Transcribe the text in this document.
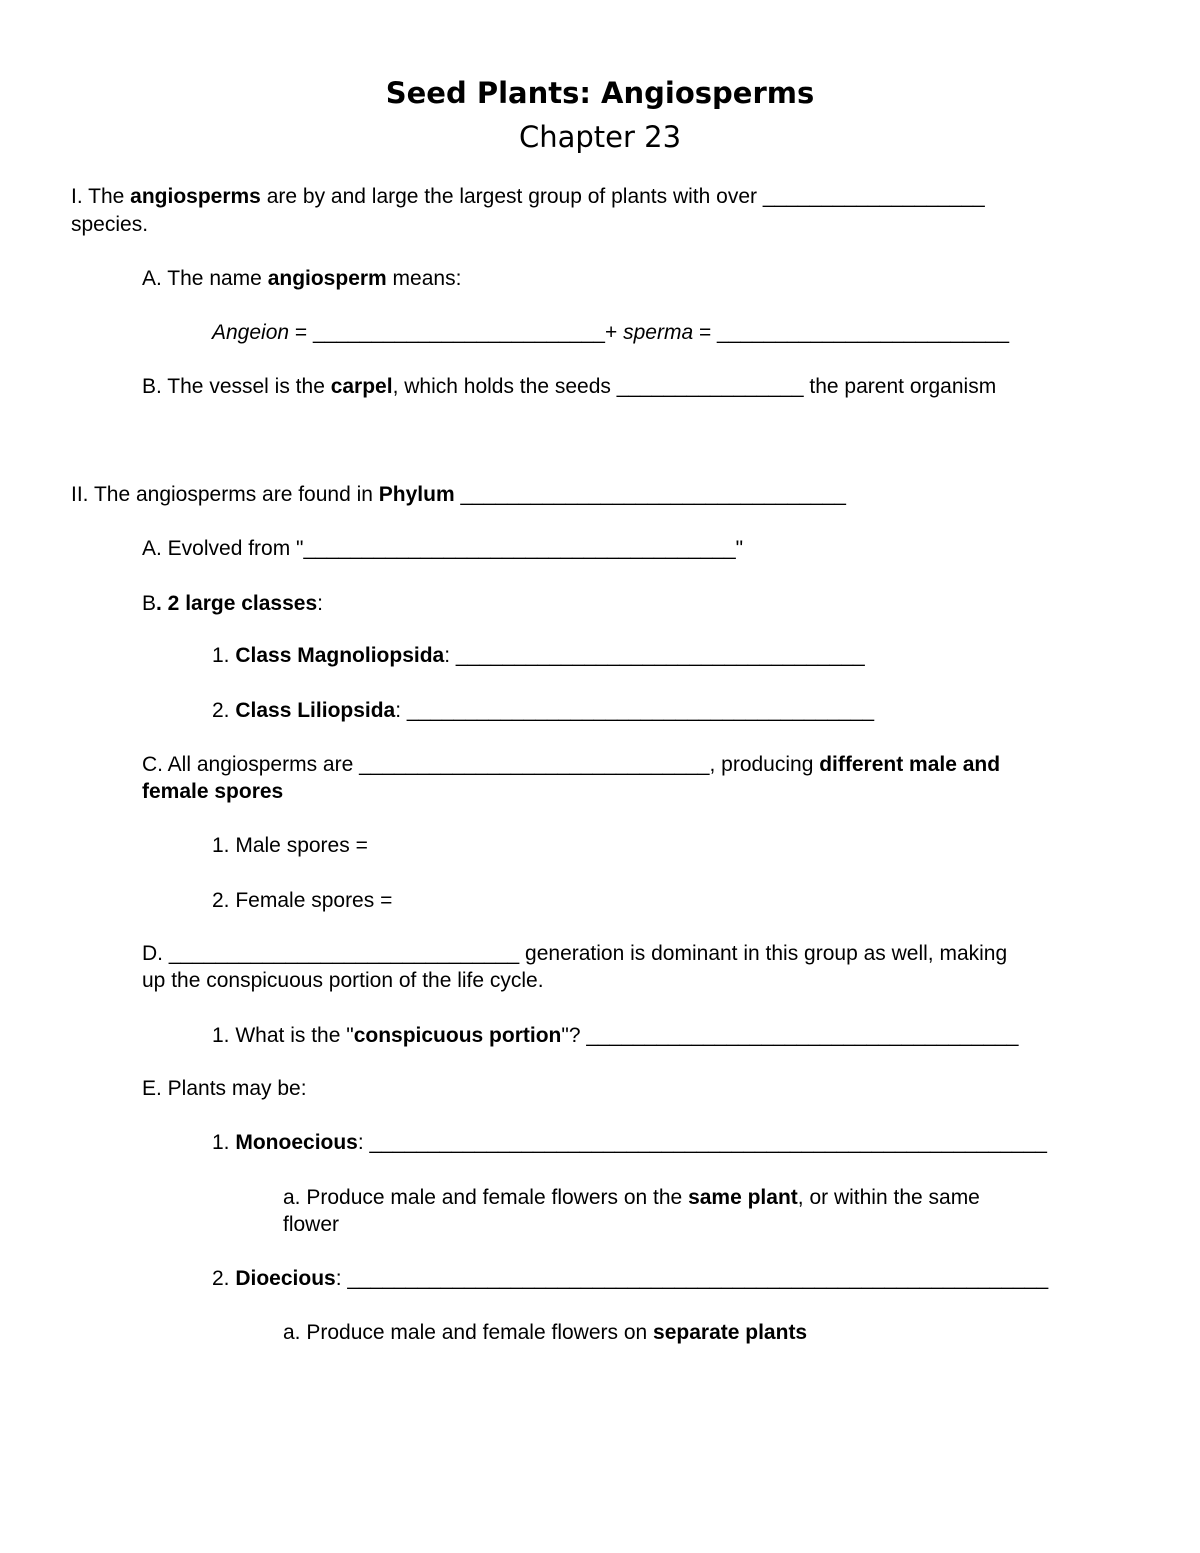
Seed Plants: Angiosperms
Chapter 23
I. The angiosperms are by and large the largest group of plants with over ___________________
species.
A. The name angiosperm means:
Angeion = _________________________+ sperma = _________________________
B. The vessel is the carpel, which holds the seeds ________________ the parent organism
II. The angiosperms are found in Phylum _________________________________
A. Evolved from "_____________________________________"
B. 2 large classes:
1. Class Magnoliopsida: ___________________________________
2. Class Liliopsida: ________________________________________
C. All angiosperms are ______________________________, producing different male and
female spores
1. Male spores =
2. Female spores =
D. ______________________________ generation is dominant in this group as well, making
up the conspicuous portion of the life cycle.
1. What is the "conspicuous portion"? _____________________________________
E. Plants may be:
1. Monoecious: __________________________________________________________
a. Produce male and female flowers on the same plant, or within the same
flower
2. Dioecious: ____________________________________________________________
a. Produce male and female flowers on separate plants
